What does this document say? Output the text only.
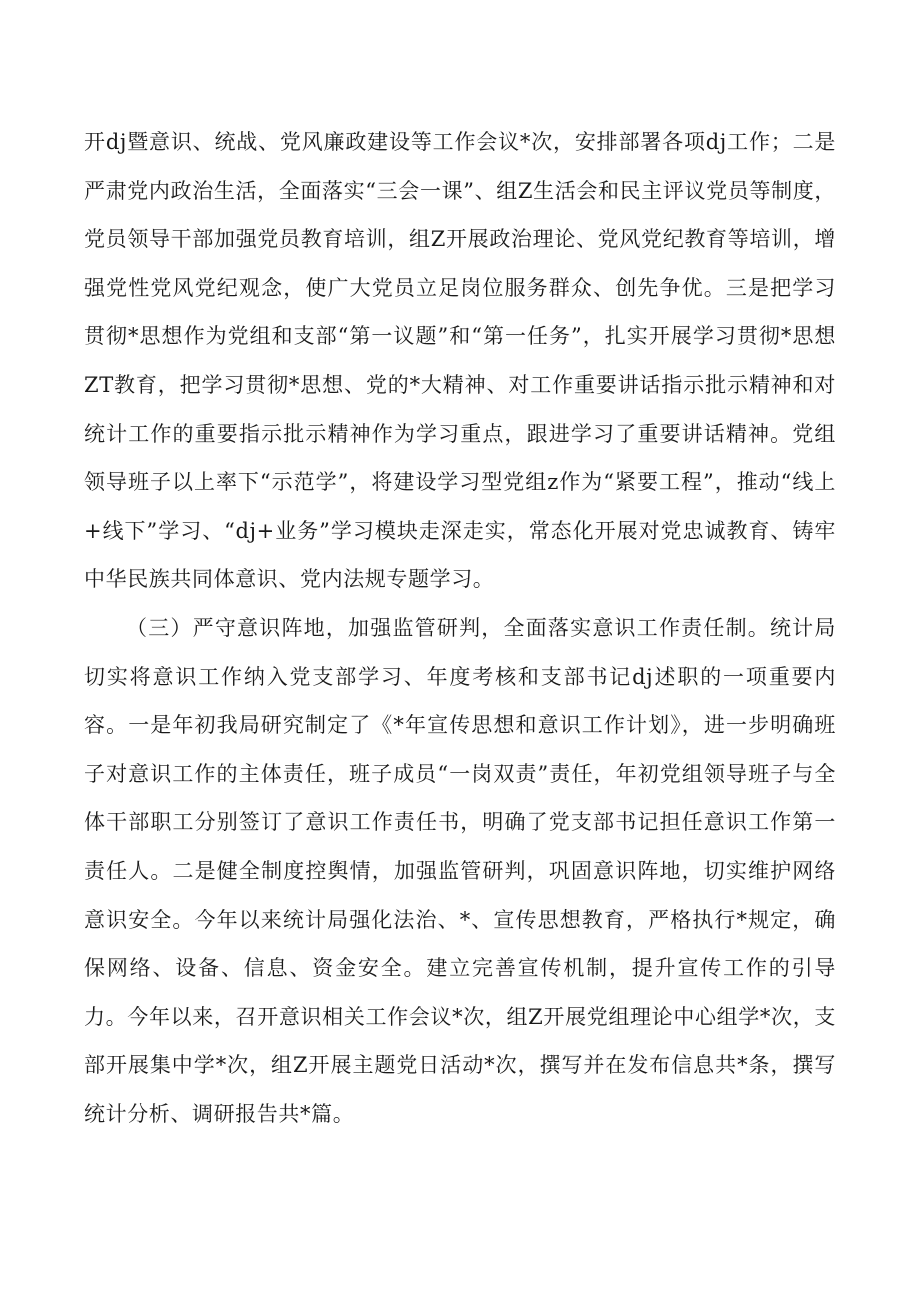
开dj暨意识、统战、党风廉政建设等工作会议*次，安排部署各项dj工作；二是严肃党内政治生活，全面落实“三会一课”、组Z生活会和民主评议党员等制度，党员领导干部加强党员教育培训，组Z开展政治理论、党风党纪教育等培训，增强党性党风党纪观念，使广大党员立足岗位服务群众、创先争优。三是把学习贯彻*思想作为党组和支部“第一议题”和“第一任务”，扎实开展学习贯彻*思想ZT教育，把学习贯彻*思想、党的*大精神、对工作重要讲话指示批示精神和对统计工作的重要指示批示精神作为学习重点，跟进学习了重要讲话精神。党组领导班子以上率下“示范学”，将建设学习型党组z作为“紧要工程”，推动“线上+线下”学习、“dj+业务”学习模块走深走实，常态化开展对党忠诚教育、铸牢中华民族共同体意识、党内法规专题学习。

（三）严守意识阵地，加强监管研判，全面落实意识工作责任制。统计局切实将意识工作纳入党支部学习、年度考核和支部书记dj述职的一项重要内容。一是年初我局研究制定了《*年宣传思想和意识工作计划》，进一步明确班子对意识工作的主体责任，班子成员“一岗双责”责任，年初党组领导班子与全体干部职工分别签订了意识工作责任书，明确了党支部书记担任意识工作第一责任人。二是健全制度控舆情，加强监管研判，巩固意识阵地，切实维护网络意识安全。今年以来统计局强化法治、*、宣传思想教育，严格执行*规定，确保网络、设备、信息、资金安全。建立完善宣传机制，提升宣传工作的引导力。今年以来，召开意识相关工作会议*次，组Z开展党组理论中心组学*次，支部开展集中学*次，组Z开展主题党日活动*次，撰写并在发布信息共*条，撰写统计分析、调研报告共*篇。
